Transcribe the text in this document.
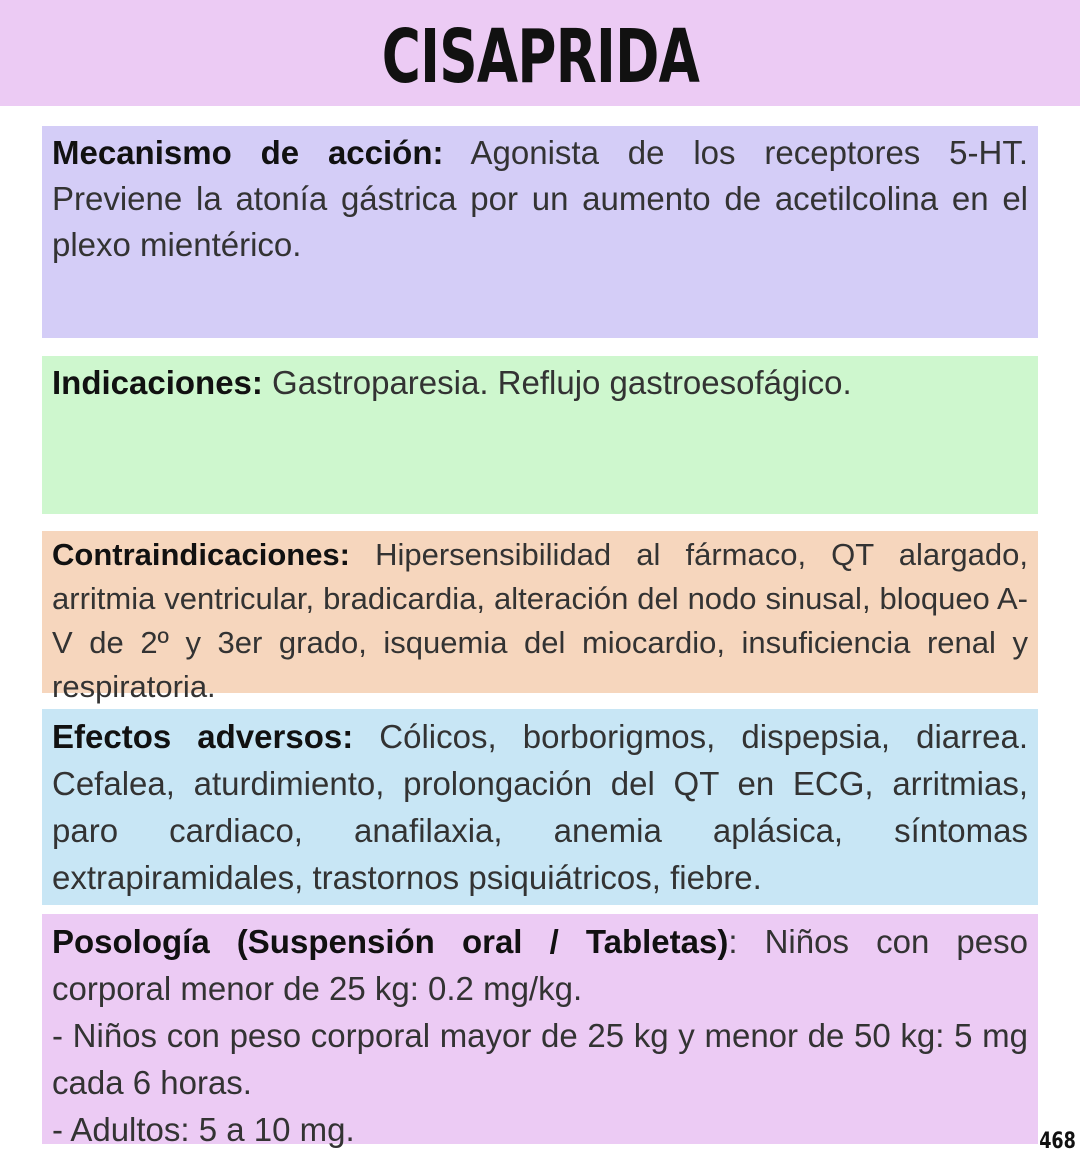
CISAPRIDA
Mecanismo de acción: Agonista de los receptores 5-HT. Previene la atonía gástrica por un aumento de acetilcolina en el plexo mientérico.
Indicaciones: Gastroparesia. Reflujo gastroesofágico.
Contraindicaciones: Hipersensibilidad al fármaco, QT alargado, arritmia ventricular, bradicardia, alteración del nodo sinusal, bloqueo A-V de 2º y 3er grado, isquemia del miocardio, insuficiencia renal y respiratoria.
Efectos adversos: Cólicos, borborigmos, dispepsia, diarrea. Cefalea, aturdimiento, prolongación del QT en ECG, arritmias, paro cardiaco, anafilaxia, anemia aplásica, síntomas extrapiramidales, trastornos psiquiátricos, fiebre.
Posología (Suspensión oral / Tabletas): Niños con peso corporal menor de 25 kg: 0.2 mg/kg.
- Niños con peso corporal mayor de 25 kg y menor de 50 kg: 5 mg cada 6 horas.
- Adultos: 5 a 10 mg.	468
